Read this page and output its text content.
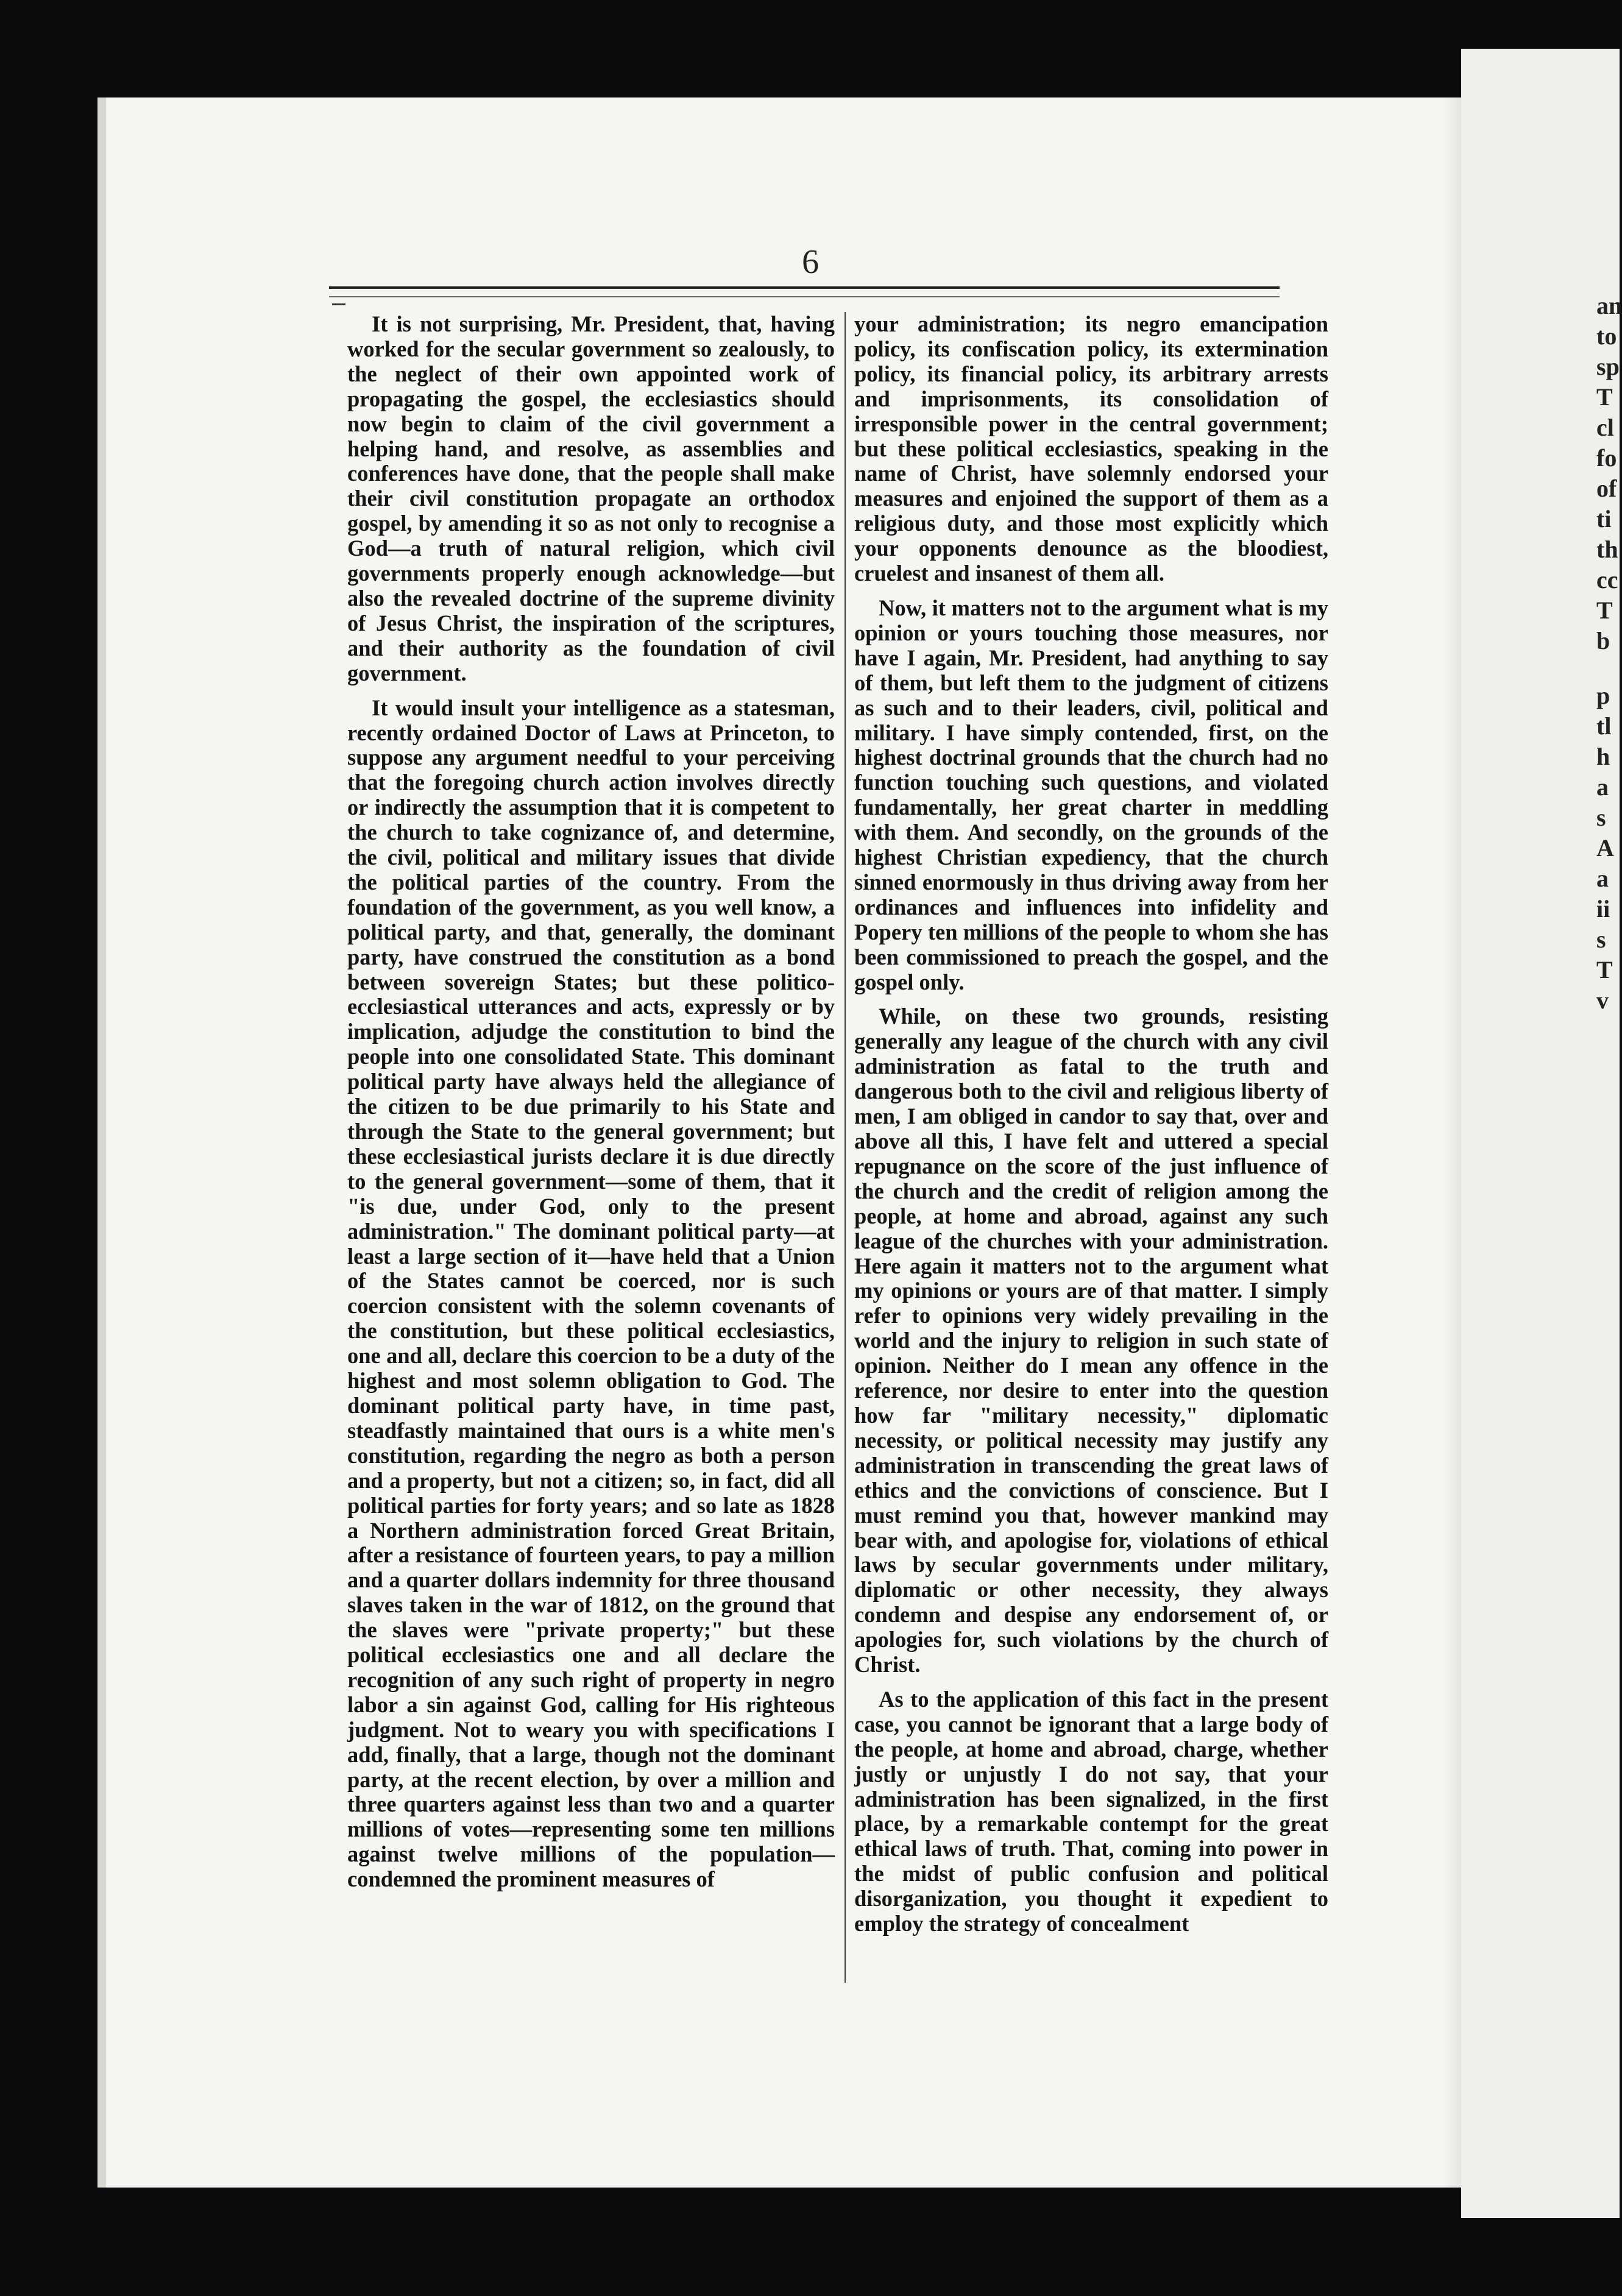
an
to
sp
T
cl
fo
of
ti
th
cc
T
b
p
tl
h
a
s
A
a
ii
s
T
v
6

It is not surprising, Mr. President, that, having worked for the secular government so zealously, to the neglect of their own appointed work of propagating the gospel, the ecclesiastics should now begin to claim of the civil government a helping hand, and resolve, as assemblies and conferences have done, that the people shall make their civil constitution propagate an orthodox gospel, by amending it so as not only to recognise a God—a truth of natural religion, which civil governments properly enough acknowledge—but also the revealed doctrine of the supreme divinity of Jesus Christ, the inspiration of the scriptures, and their authority as the foundation of civil government.

It would insult your intelligence as a statesman, recently ordained Doctor of Laws at Princeton, to suppose any argument needful to your perceiving that the foregoing church action involves directly or indirectly the assumption that it is competent to the church to take cognizance of, and determine, the civil, political and military issues that divide the political parties of the country. From the foundation of the government, as you well know, a political party, and that, generally, the dominant party, have construed the constitution as a bond between sovereign States; but these politico-ecclesiastical utterances and acts, expressly or by implication, adjudge the constitution to bind the people into one consolidated State. This dominant political party have always held the allegiance of the citizen to be due primarily to his State and through the State to the general government; but these ecclesiastical jurists declare it is due directly to the general government—some of them, that it "is due, under God, only to the present administration." The dominant political party—at least a large section of it—have held that a Union of the States cannot be coerced, nor is such coercion consistent with the solemn covenants of the constitution, but these political ecclesiastics, one and all, declare this coercion to be a duty of the highest and most solemn obligation to God. The dominant political party have, in time past, steadfastly maintained that ours is a white men's constitution, regarding the negro as both a person and a property, but not a citizen; so, in fact, did all political parties for forty years; and so late as 1828 a Northern administration forced Great Britain, after a resistance of fourteen years, to pay a million and a quarter dollars indemnity for three thousand slaves taken in the war of 1812, on the ground that the slaves were "private property;" but these political ecclesiastics one and all declare the recognition of any such right of property in negro labor a sin against God, calling for His righteous judgment. Not to weary you with specifications I add, finally, that a large, though not the dominant party, at the recent election, by over a million and three quarters against less than two and a quarter millions of votes—representing some ten millions against twelve millions of the population—condemned the prominent measures of

your administration; its negro emancipation policy, its confiscation policy, its extermination policy, its financial policy, its arbitrary arrests and imprisonments, its consolidation of irresponsible power in the central government; but these political ecclesiastics, speaking in the name of Christ, have solemnly endorsed your measures and enjoined the support of them as a religious duty, and those most explicitly which your opponents denounce as the bloodiest, cruelest and insanest of them all.

Now, it matters not to the argument what is my opinion or yours touching those measures, nor have I again, Mr. President, had anything to say of them, but left them to the judgment of citizens as such and to their leaders, civil, political and military. I have simply contended, first, on the highest doctrinal grounds that the church had no function touching such questions, and violated fundamentally, her great charter in meddling with them. And secondly, on the grounds of the highest Christian expediency, that the church sinned enormously in thus driving away from her ordinances and influences into infidelity and Popery ten millions of the people to whom she has been commissioned to preach the gospel, and the gospel only.

While, on these two grounds, resisting generally any league of the church with any civil administration as fatal to the truth and dangerous both to the civil and religious liberty of men, I am obliged in candor to say that, over and above all this, I have felt and uttered a special repugnance on the score of the just influence of the church and the credit of religion among the people, at home and abroad, against any such league of the churches with your administration. Here again it matters not to the argument what my opinions or yours are of that matter. I simply refer to opinions very widely prevailing in the world and the injury to religion in such state of opinion. Neither do I mean any offence in the reference, nor desire to enter into the question how far "military necessity," diplomatic necessity, or political necessity may justify any administration in transcending the great laws of ethics and the convictions of conscience. But I must remind you that, however mankind may bear with, and apologise for, violations of ethical laws by secular governments under military, diplomatic or other necessity, they always condemn and despise any endorsement of, or apologies for, such violations by the church of Christ.

As to the application of this fact in the present case, you cannot be ignorant that a large body of the people, at home and abroad, charge, whether justly or unjustly I do not say, that your administration has been signalized, in the first place, by a remarkable contempt for the great ethical laws of truth. That, coming into power in the midst of public confusion and political disorganization, you thought it expedient to employ the strategy of concealment
